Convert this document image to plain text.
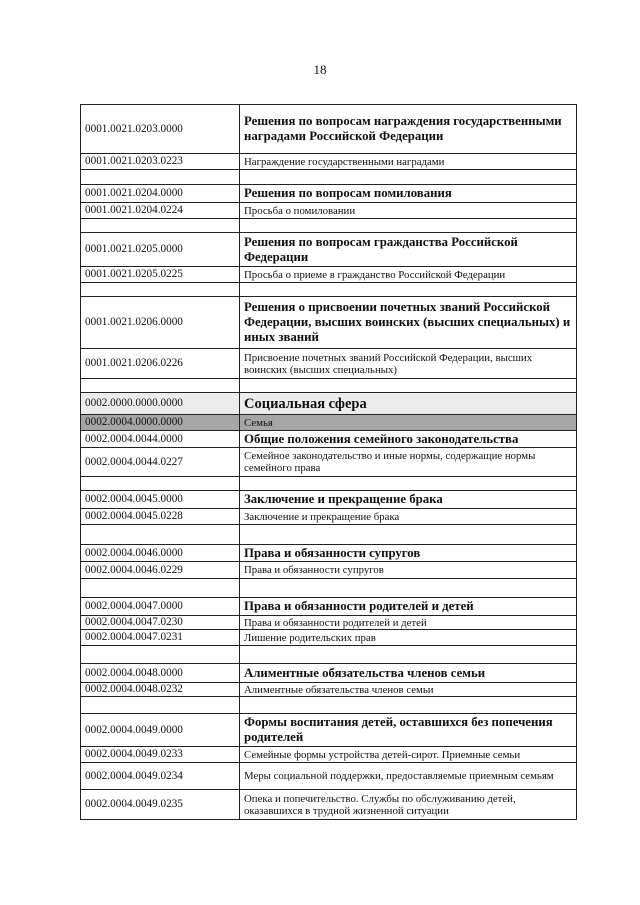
18
0001.0021.0203.0000	Решения по вопросам награждения государственными наградами Российской Федерации
0001.0021.0203.0223	Награждение государственными наградами

0001.0021.0204.0000	Решения по вопросам помилования
0001.0021.0204.0224	Просьба о помиловании

0001.0021.0205.0000	Решения по вопросам гражданства Российской Федерации
0001.0021.0205.0225	Просьба о приеме в гражданство Российской Федерации

0001.0021.0206.0000	Решения о присвоении почетных званий Российской Федерации, высших воинских (высших специальных) и иных званий
0001.0021.0206.0226	Присвоение почетных званий Российской Федерации, высших воинских (высших специальных)

0002.0000.0000.0000	Социальная сфера
0002.0004.0000.0000	Семья
0002.0004.0044.0000	Общие положения семейного законодательства
0002.0004.0044.0227	Семейное законодательство и иные нормы, содержащие нормы семейного права

0002.0004.0045.0000	Заключение и прекращение брака
0002.0004.0045.0228	Заключение и прекращение брака

0002.0004.0046.0000	Права и обязанности супругов
0002.0004.0046.0229	Права и обязанности супругов

0002.0004.0047.0000	Права и обязанности родителей и детей
0002.0004.0047.0230	Права и обязанности родителей и детей
0002.0004.0047.0231	Лишение родительских прав

0002.0004.0048.0000	Алиментные обязательства членов семьи
0002.0004.0048.0232	Алиментные обязательства членов семьи

0002.0004.0049.0000	Формы воспитания детей, оставшихся без попечения родителей
0002.0004.0049.0233	Семейные формы устройства детей-сирот. Приемные семьи
0002.0004.0049.0234	Меры социальной поддержки, предоставляемые приемным семьям
0002.0004.0049.0235	Опека и попечительство. Службы по обслуживанию детей, оказавшихся в трудной жизненной ситуации
